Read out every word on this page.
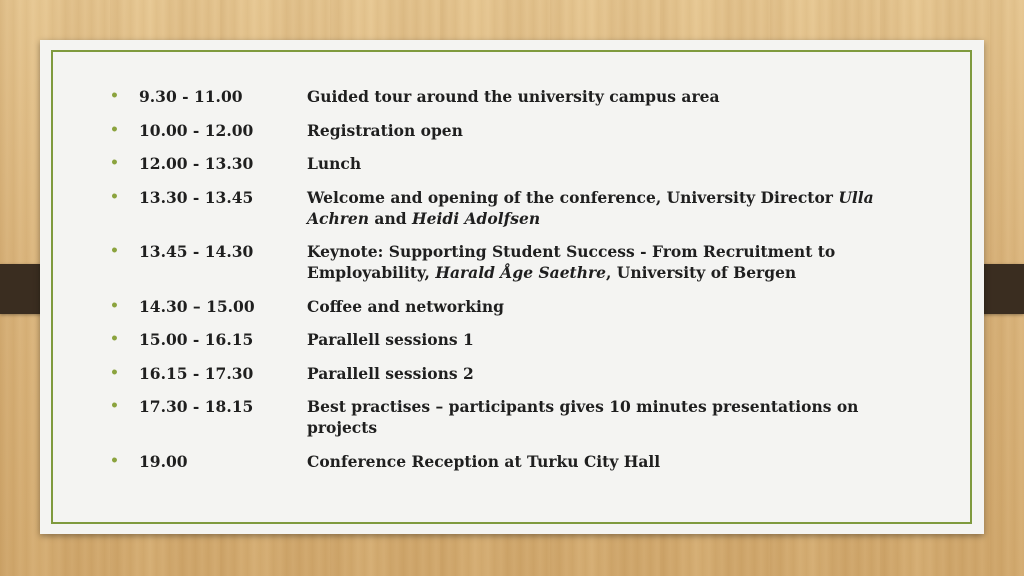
•	9.30 - 11.00	Guided tour around the university campus area
•	10.00 - 12.00	Registration open
•	12.00 - 13.30	Lunch
•	13.30 - 13.45	Welcome and opening of the conference, University Director Ulla Achren and Heidi Adolfsen
•	13.45 - 14.30	Keynote: Supporting Student Success - From Recruitment to Employability, Harald Åge Saethre, University of Bergen
•	14.30 – 15.00	Coffee and networking
•	15.00 - 16.15	Parallell sessions 1
•	16.15 - 17.30	Parallell sessions 2
•	17.30 - 18.15	Best practises – participants gives 10 minutes presentations on projects
•	19.00	Conference Reception at Turku City Hall
